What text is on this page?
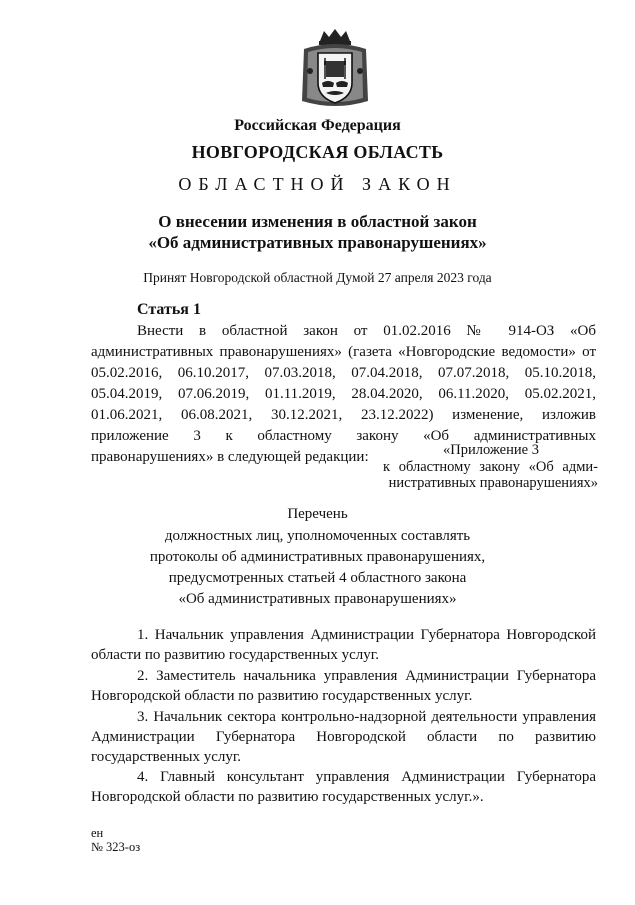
Российская Федерация
НОВГОРОДСКАЯ ОБЛАСТЬ
ОБЛАСТНОЙ ЗАКОН
О внесении изменения в областной закон
«Об административных правонарушениях»
Принят Новгородской областной Думой 27 апреля 2023 года
Статья 1
Внести в областной закон от 01.02.2016 № 914-ОЗ «Об административных правонарушениях» (газета «Новгородские ведомости» от 05.02.2016, 06.10.2017, 07.03.2018, 07.04.2018, 07.07.2018, 05.10.2018, 05.04.2019, 07.06.2019, 01.11.2019, 28.04.2020, 06.11.2020, 05.02.2021, 01.06.2021, 06.08.2021, 30.12.2021, 23.12.2022) изменение, изложив приложение 3 к областному закону «Об административных правонарушениях» в следующей редакции:	«Приложение 3
к областному закону «Об адми-
нистративных правонарушениях»
Перечень
должностных лиц, уполномоченных составлять
протоколы об административных правонарушениях,
предусмотренных статьей 4 областного закона
«Об административных правонарушениях»
1. Начальник управления Администрации Губернатора Новгородской области по развитию государственных услуг.
2. Заместитель начальника управления Администрации Губернатора Новгородской области по развитию государственных услуг.
3. Начальник сектора контрольно-надзорной деятельности управления Администрации Губернатора Новгородской области по развитию государственных услуг.
4. Главный консультант управления Администрации Губернатора Новгородской области по развитию государственных услуг.».
ен
№ 323-оз
